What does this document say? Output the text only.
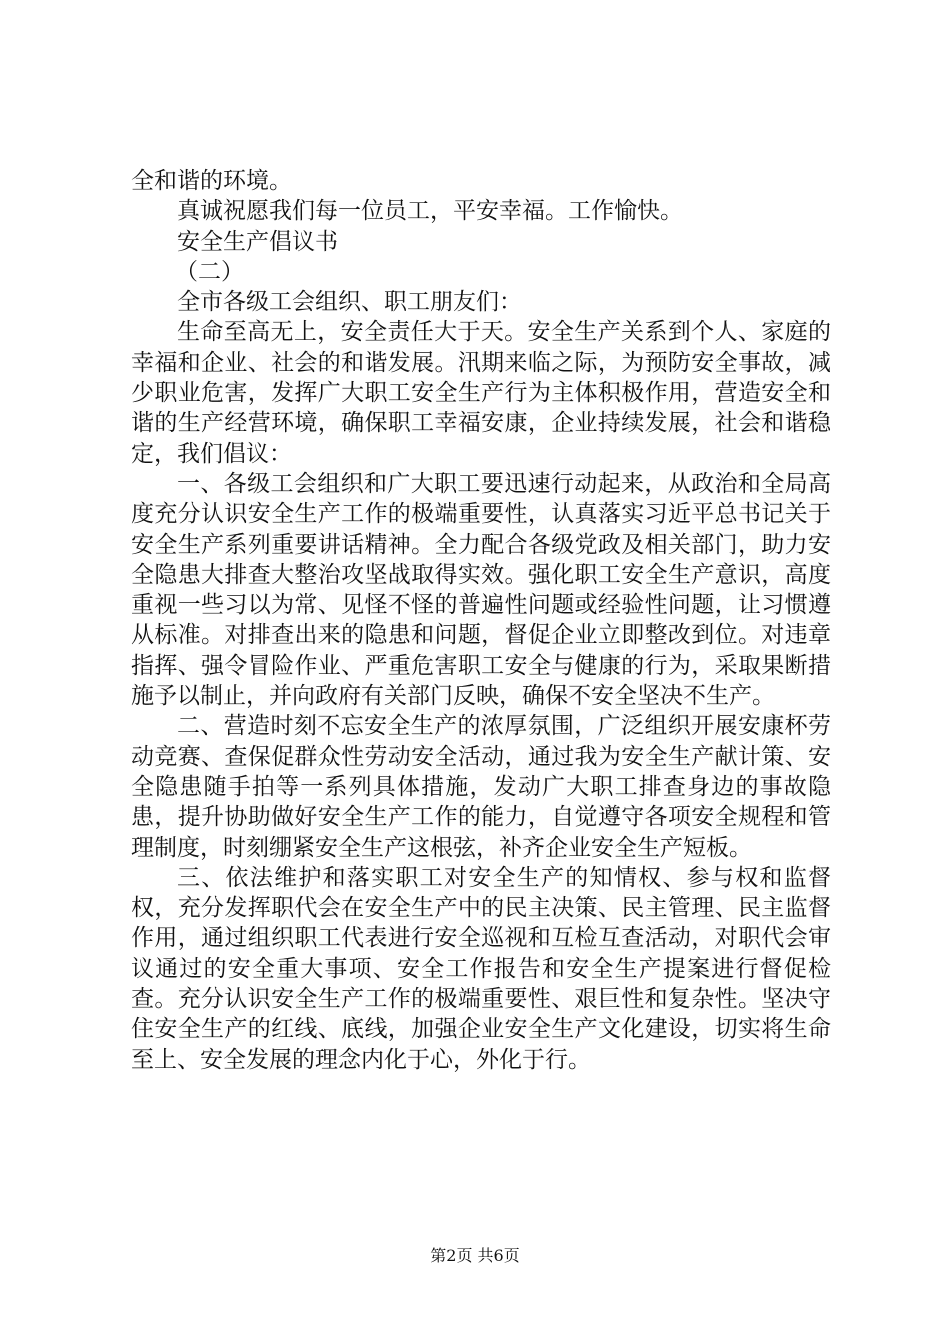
全和谐的环境。

真诚祝愿我们每一位员工，平安幸福。工作愉快。

安全生产倡议书

（二）

全市各级工会组织、职工朋友们：

生命至高无上，安全责任大于天。安全生产关系到个人、家庭的幸福和企业、社会的和谐发展。汛期来临之际，为预防安全事故，减少职业危害，发挥广大职工安全生产行为主体积极作用，营造安全和谐的生产经营环境，确保职工幸福安康，企业持续发展，社会和谐稳定，我们倡议：

一、各级工会组织和广大职工要迅速行动起来，从政治和全局高度充分认识安全生产工作的极端重要性，认真落实习近平总书记关于安全生产系列重要讲话精神。全力配合各级党政及相关部门，助力安全隐患大排查大整治攻坚战取得实效。强化职工安全生产意识，高度重视一些习以为常、见怪不怪的普遍性问题或经验性问题，让习惯遵从标准。对排查出来的隐患和问题，督促企业立即整改到位。对违章指挥、强令冒险作业、严重危害职工安全与健康的行为，采取果断措施予以制止，并向政府有关部门反映，确保不安全坚决不生产。

二、营造时刻不忘安全生产的浓厚氛围，广泛组织开展安康杯劳动竞赛、查保促群众性劳动安全活动，通过我为安全生产献计策、安全隐患随手拍等一系列具体措施，发动广大职工排查身边的事故隐患，提升协助做好安全生产工作的能力，自觉遵守各项安全规程和管理制度，时刻绷紧安全生产这根弦，补齐企业安全生产短板。

三、依法维护和落实职工对安全生产的知情权、参与权和监督权，充分发挥职代会在安全生产中的民主决策、民主管理、民主监督作用，通过组织职工代表进行安全巡视和互检互查活动，对职代会审议通过的安全重大事项、安全工作报告和安全生产提案进行督促检查。充分认识安全生产工作的极端重要性、艰巨性和复杂性。坚决守住安全生产的红线、底线，加强企业安全生产文化建设，切实将生命至上、安全发展的理念内化于心，外化于行。

第2页 共6页
